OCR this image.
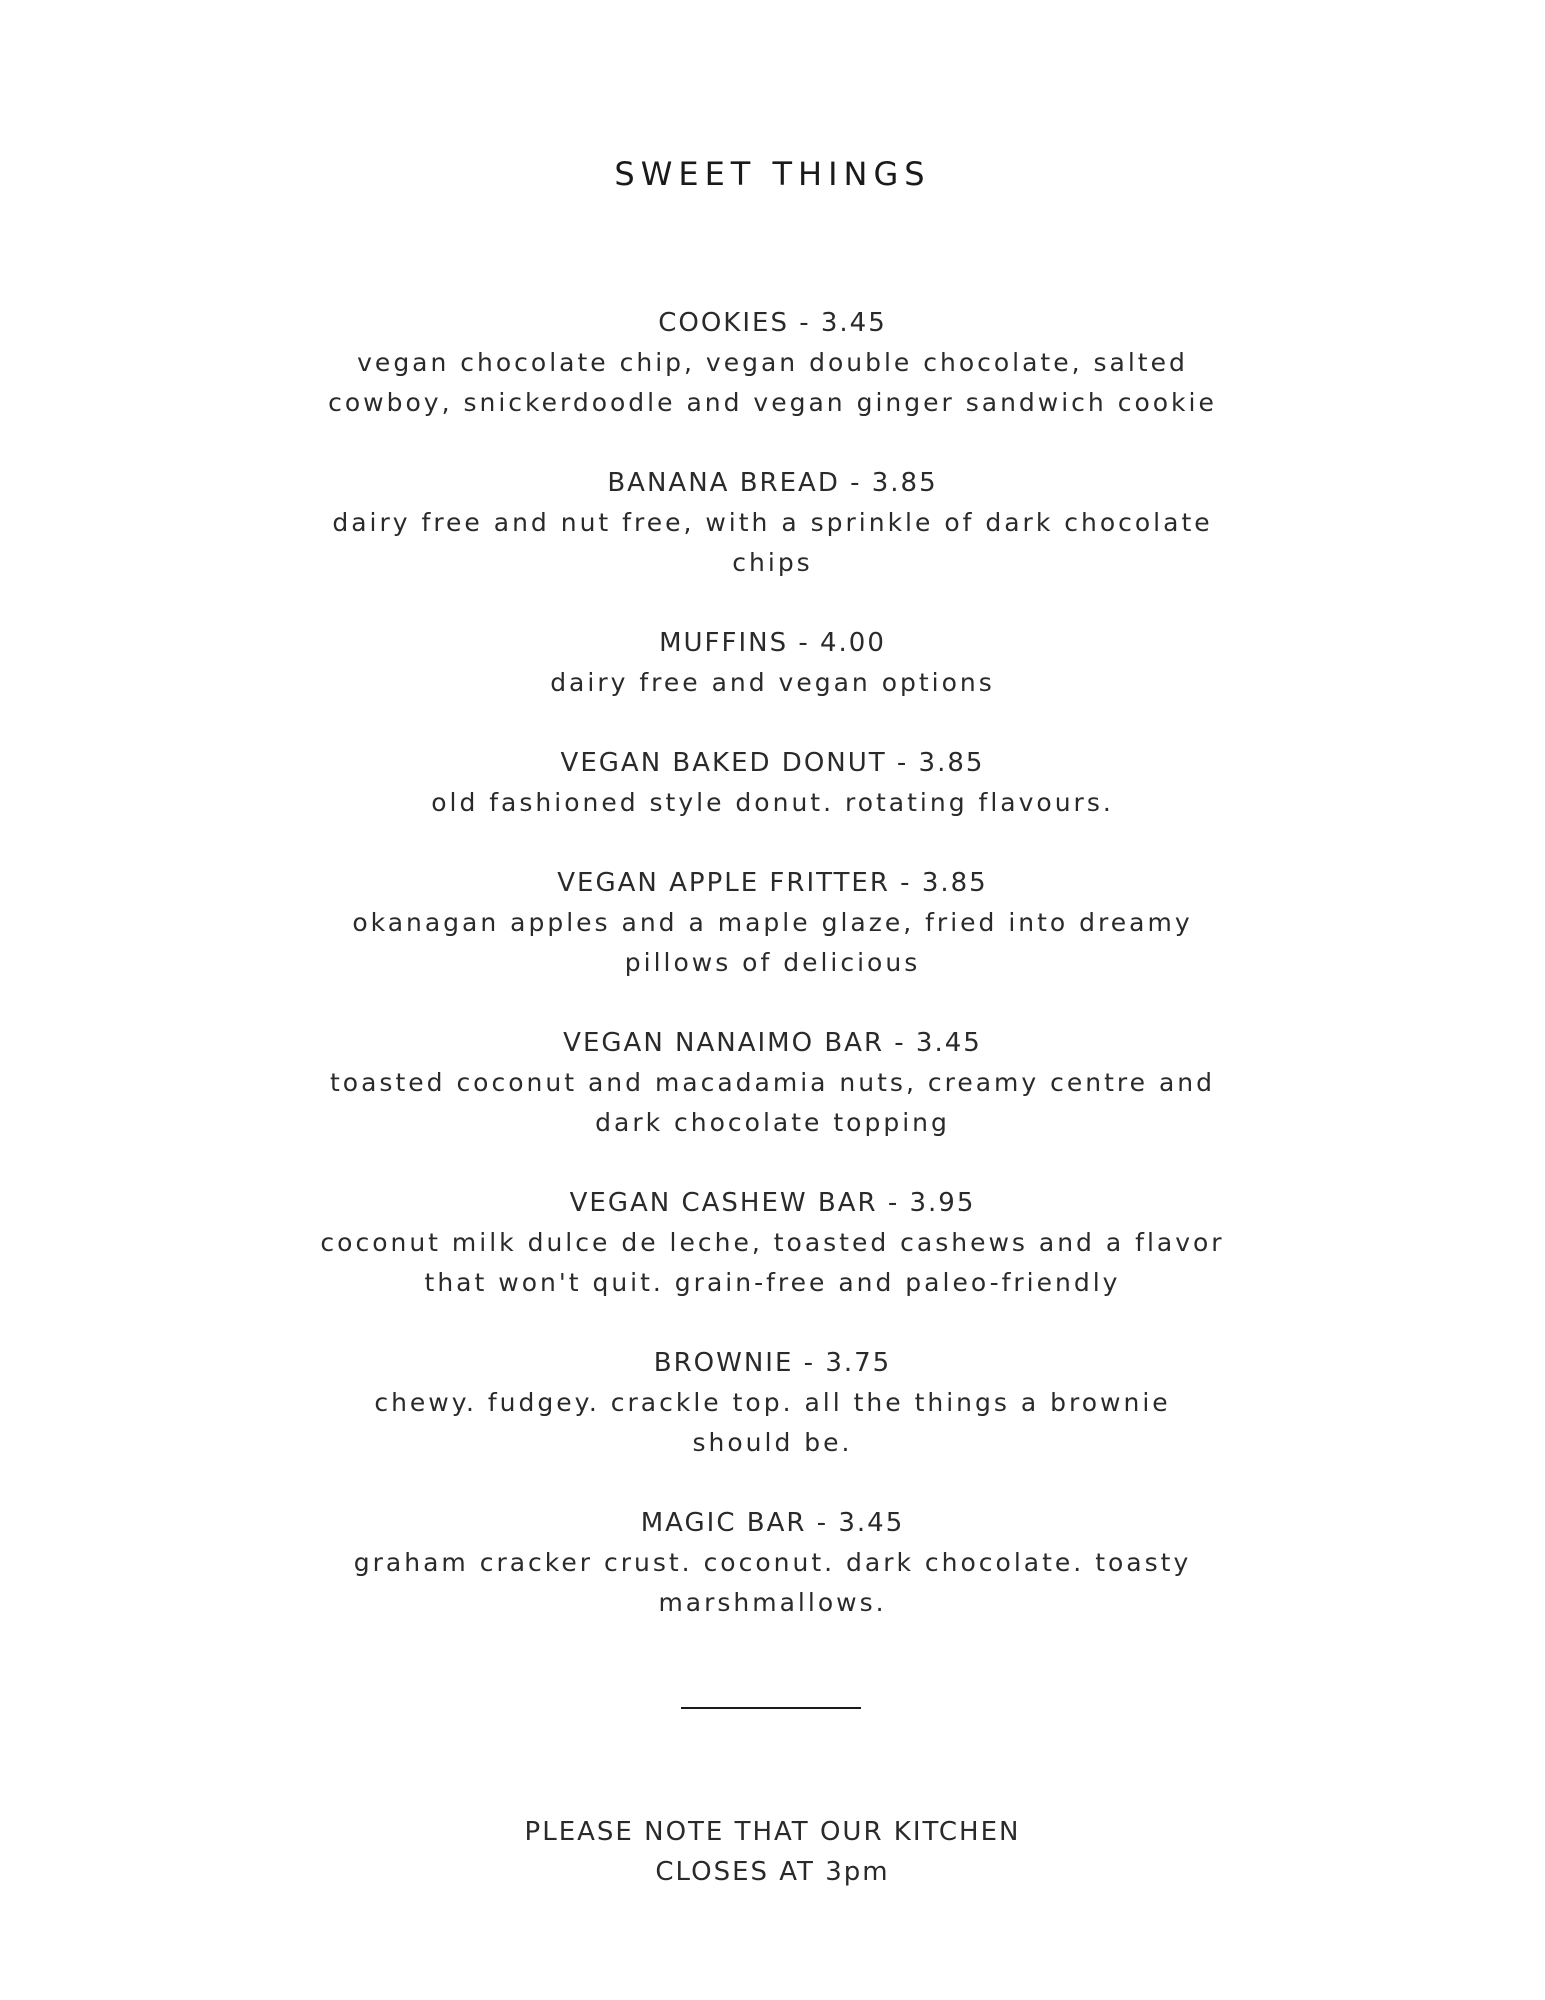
SWEET THINGS
COOKIES - 3.45
vegan chocolate chip, vegan double chocolate, salted
cowboy, snickerdoodle and vegan ginger sandwich cookie
BANANA BREAD - 3.85
dairy free and nut free, with a sprinkle of dark chocolate
chips
MUFFINS - 4.00
dairy free and vegan options
VEGAN BAKED DONUT - 3.85
old fashioned style donut. rotating flavours.
VEGAN APPLE FRITTER - 3.85
okanagan apples and a maple glaze, fried into dreamy
pillows of delicious
VEGAN NANAIMO BAR - 3.45
toasted coconut and macadamia nuts, creamy centre and
dark chocolate topping
VEGAN CASHEW BAR - 3.95
coconut milk dulce de leche, toasted cashews and a flavor
that won't quit. grain-free and paleo-friendly
BROWNIE - 3.75
chewy. fudgey. crackle top. all the things a brownie
should be.
MAGIC BAR - 3.45
graham cracker crust. coconut. dark chocolate. toasty
marshmallows.
PLEASE NOTE THAT OUR KITCHEN
CLOSES AT 3pm
